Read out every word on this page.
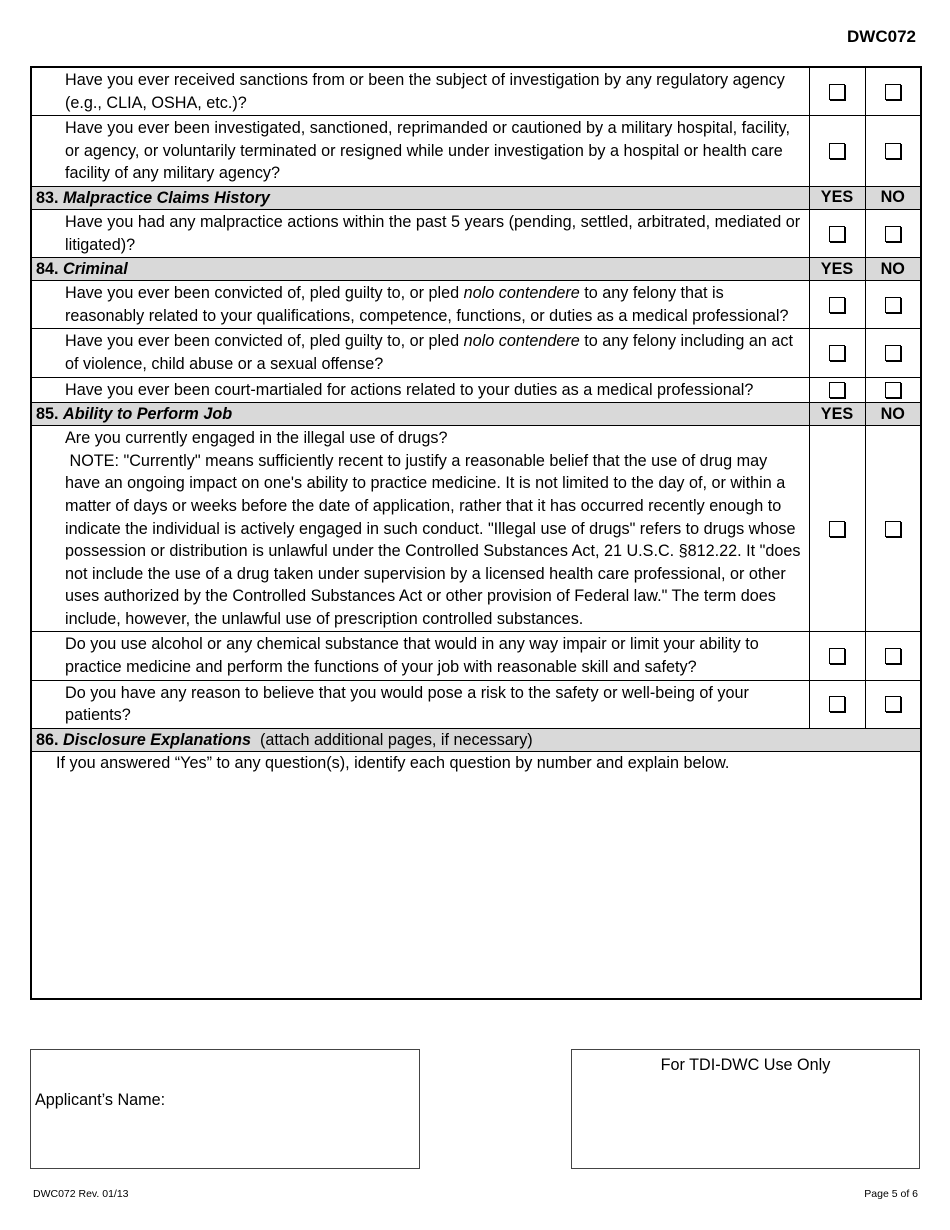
DWC072
Have you ever received sanctions from or been the subject of investigation by any regulatory agency (e.g., CLIA, OSHA, etc.)?		
Have you ever been investigated, sanctioned, reprimanded or cautioned by a military hospital, facility, or agency, or voluntarily terminated or resigned while under investigation by a hospital or health care facility of any military agency?		
83. Malpractice Claims History	YES	NO
Have you had any malpractice actions within the past 5 years (pending, settled, arbitrated, mediated or litigated)?		
84. Criminal	YES	NO
Have you ever been convicted of, pled guilty to, or pled nolo contendere to any felony that is reasonably related to your qualifications, competence, functions, or duties as a medical professional?		
Have you ever been convicted of, pled guilty to, or pled nolo contendere to any felony including an act of violence, child abuse or a sexual offense?		
Have you ever been court-martialed for actions related to your duties as a medical professional?		
85. Ability to Perform Job	YES	NO

Are you currently engaged in the illegal use of drugs?
NOTE: "Currently" means sufficiently recent to justify a reasonable belief that the use of drug may have an ongoing impact on one's ability to practice medicine. It is not limited to the day of, or within a matter of days or weeks before the date of application, rather that it has occurred recently enough to indicate the individual is actively engaged in such conduct. "Illegal use of drugs" refers to drugs whose possession or distribution is unlawful under the Controlled Substances Act, 21 U.S.C. §812.22. It "does not include the use of a drug taken under supervision by a licensed health care professional, or other uses authorized by the Controlled Substances Act or other provision of Federal law." The term does include, however, the unlawful use of prescription controlled substances.		

Do you use alcohol or any chemical substance that would in any way impair or limit your ability to practice medicine and perform the functions of your job with reasonable skill and safety?		
Do you have any reason to believe that you would pose a risk to the safety or well-being of your patients?		
86. Disclosure Explanations (attach additional pages, if necessary)		
If you answered “Yes” to any question(s), identify each question by number and explain below.		
Applicant’s Name:
For TDI-DWC Use Only
DWC072 Rev. 01/13	Page 5 of 6
